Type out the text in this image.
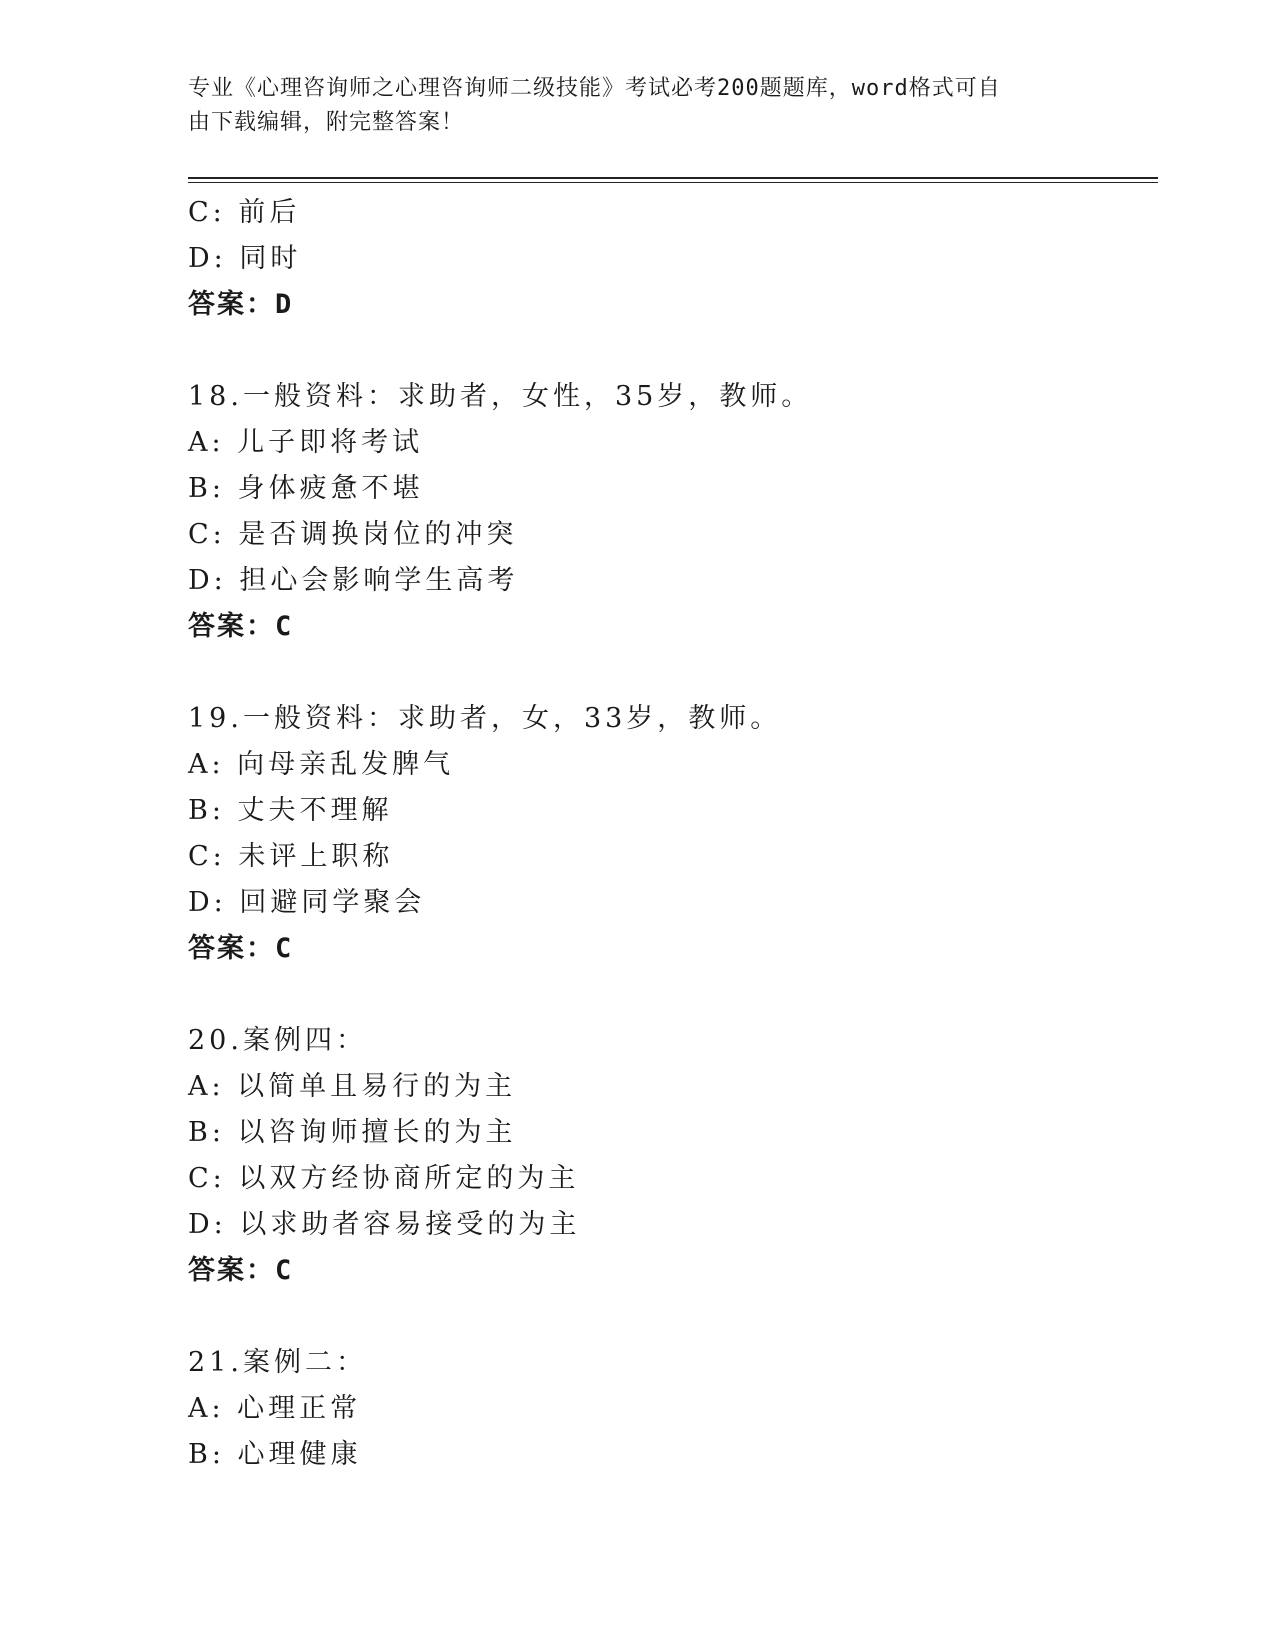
专业《心理咨询师之心理咨询师二级技能》考试必考200题题库，word格式可自
由下载编辑，附完整答案！
C: 前后
D: 同时
答案：D
18.一般资料：求助者，女性，35岁，教师。
A: 儿子即将考试
B: 身体疲惫不堪
C: 是否调换岗位的冲突
D: 担心会影响学生高考
答案：C
19.一般资料：求助者，女，33岁，教师。
A: 向母亲乱发脾气
B: 丈夫不理解
C: 未评上职称
D: 回避同学聚会
答案：C
20.案例四：
A: 以简单且易行的为主
B: 以咨询师擅长的为主
C: 以双方经协商所定的为主
D: 以求助者容易接受的为主
答案：C
21.案例二：
A: 心理正常
B: 心理健康
